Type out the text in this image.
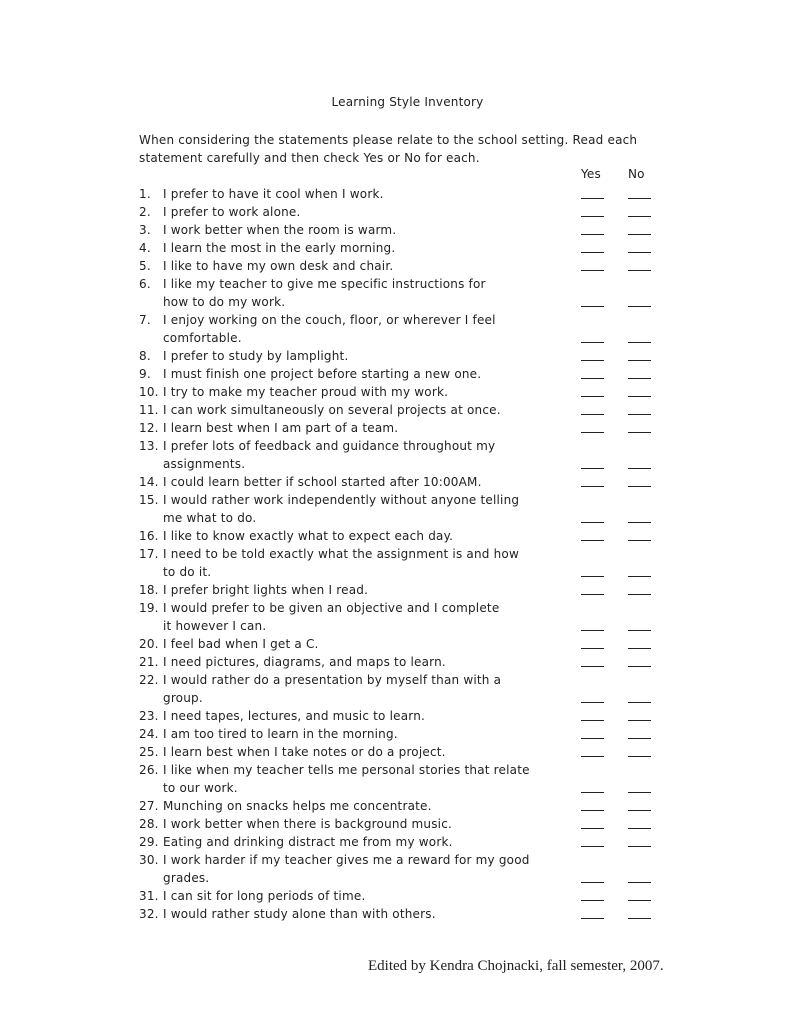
Learning Style Inventory
When considering the statements please relate to the school setting. Read each statement carefully and then check Yes or No for each.
Yes No
1. I prefer to have it cool when I work.
2. I prefer to work alone.
3. I work better when the room is warm.
4. I learn the most in the early morning.
5. I like to have my own desk and chair.
6. I like my teacher to give me specific instructions for
how to do my work.
7. I enjoy working on the couch, floor, or wherever I feel
comfortable.
8. I prefer to study by lamplight.
9. I must finish one project before starting a new one.
10. I try to make my teacher proud with my work.
11. I can work simultaneously on several projects at once.
12. I learn best when I am part of a team.
13. I prefer lots of feedback and guidance throughout my
assignments.
14. I could learn better if school started after 10:00AM.
15. I would rather work independently without anyone telling
me what to do.
16. I like to know exactly what to expect each day.
17. I need to be told exactly what the assignment is and how
to do it.
18. I prefer bright lights when I read.
19. I would prefer to be given an objective and I complete
it however I can.
20. I feel bad when I get a C.
21. I need pictures, diagrams, and maps to learn.
22. I would rather do a presentation by myself than with a
group.
23. I need tapes, lectures, and music to learn.
24. I am too tired to learn in the morning.
25. I learn best when I take notes or do a project.
26. I like when my teacher tells me personal stories that relate
to our work.
27. Munching on snacks helps me concentrate.
28. I work better when there is background music.
29. Eating and drinking distract me from my work.
30. I work harder if my teacher gives me a reward for my good
grades.
31. I can sit for long periods of time.
32. I would rather study alone than with others.
Edited by Kendra Chojnacki, fall semester, 2007.
